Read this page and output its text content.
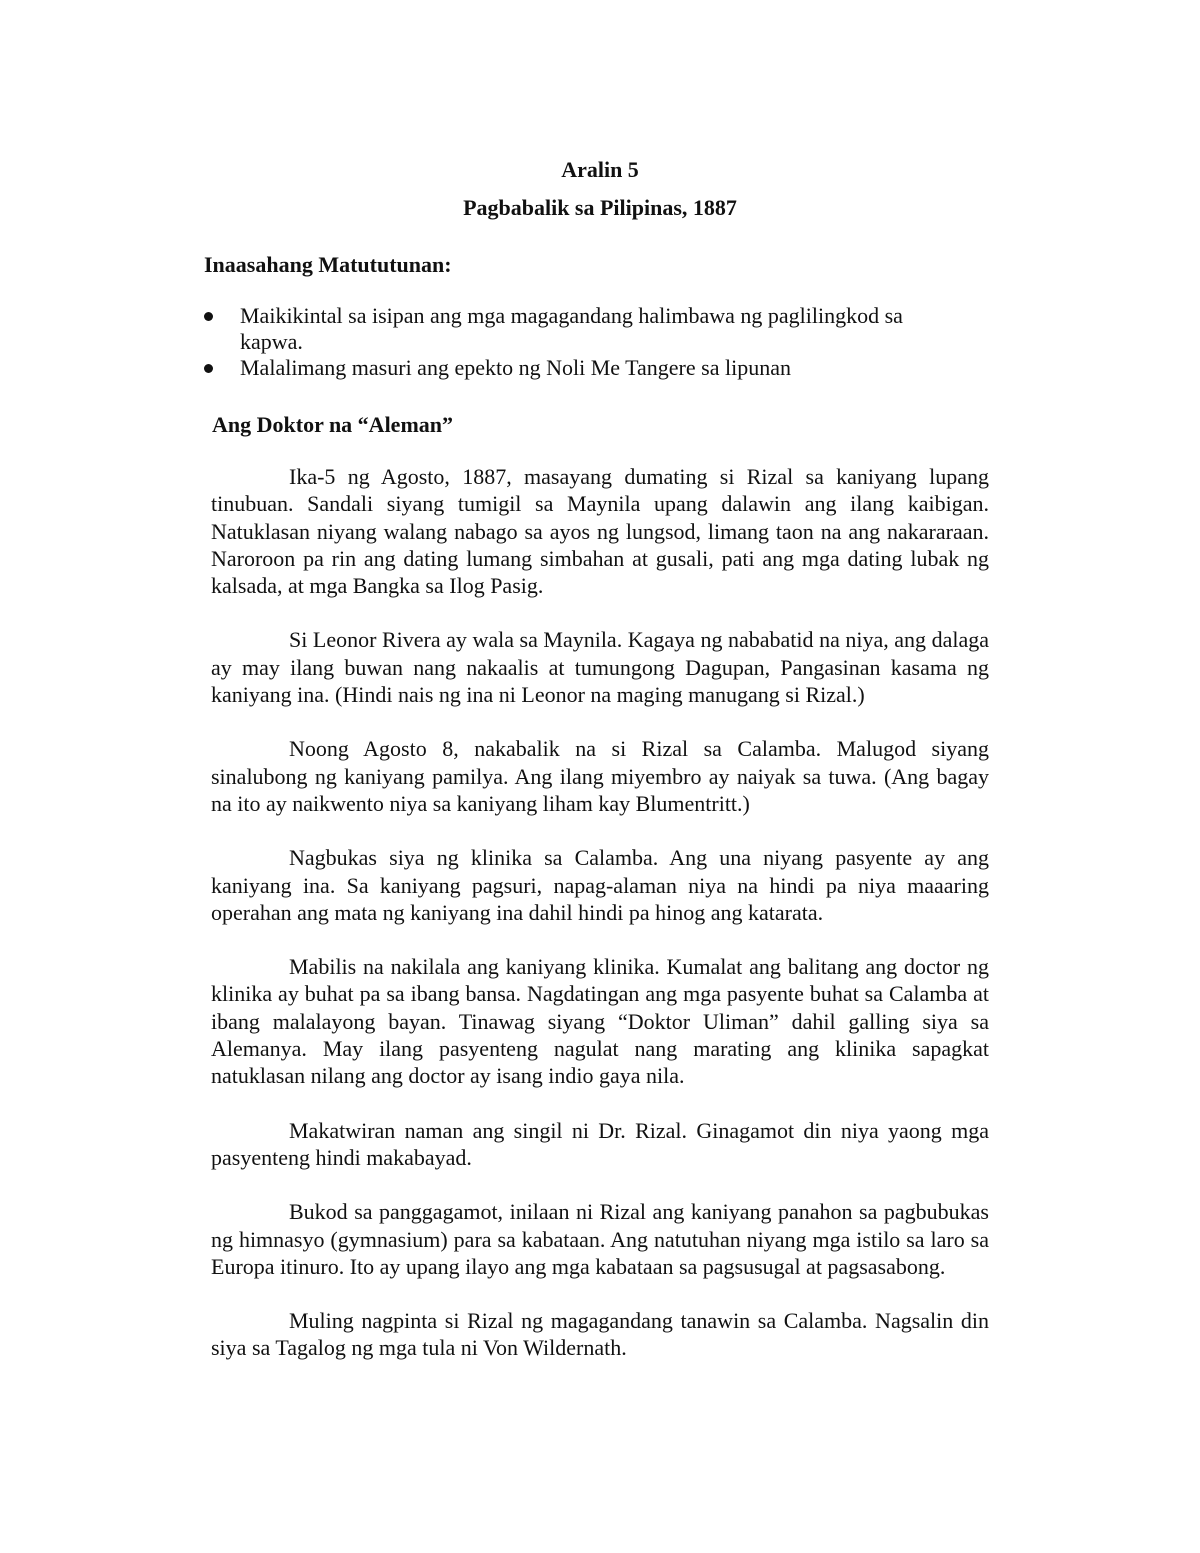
Aralin 5
Pagbabalik sa Pilipinas, 1887
Inaasahang Matututunan:
Maikikintal sa isipan ang mga magagandang halimbawa ng paglilingkod sa kapwa.
Malalimang masuri ang epekto ng Noli Me Tangere sa lipunan
Ang Doktor na “Aleman”

Ika-5 ng Agosto, 1887, masayang dumating si Rizal sa kaniyang lupang tinubuan. Sandali siyang tumigil sa Maynila upang dalawin ang ilang kaibigan. Natuklasan niyang walang nabago sa ayos ng lungsod, limang taon na ang nakararaan. Naroroon pa rin ang dating lumang simbahan at gusali, pati ang mga dating lubak ng kalsada, at mga Bangka sa Ilog Pasig.

Si Leonor Rivera ay wala sa Maynila. Kagaya ng nababatid na niya, ang dalaga ay may ilang buwan nang nakaalis at tumungong Dagupan, Pangasinan kasama ng kaniyang ina. (Hindi nais ng ina ni Leonor na maging manugang si Rizal.)

Noong Agosto 8, nakabalik na si Rizal sa Calamba. Malugod siyang sinalubong ng kaniyang pamilya. Ang ilang miyembro ay naiyak sa tuwa. (Ang bagay na ito ay naikwento niya sa kaniyang liham kay Blumentritt.)

Nagbukas siya ng klinika sa Calamba. Ang una niyang pasyente ay ang kaniyang ina. Sa kaniyang pagsuri, napag-alaman niya na hindi pa niya maaaring operahan ang mata ng kaniyang ina dahil hindi pa hinog ang katarata.

Mabilis na nakilala ang kaniyang klinika. Kumalat ang balitang ang doctor ng klinika ay buhat pa sa ibang bansa. Nagdatingan ang mga pasyente buhat sa Calamba at ibang malalayong bayan. Tinawag siyang “Doktor Uliman” dahil galling siya sa Alemanya. May ilang pasyenteng nagulat nang marating ang klinika sapagkat natuklasan nilang ang doctor ay isang indio gaya nila.

Makatwiran naman ang singil ni Dr. Rizal. Ginagamot din niya yaong mga pasyenteng hindi makabayad.

Bukod sa panggagamot, inilaan ni Rizal ang kaniyang panahon sa pagbubukas ng himnasyo (gymnasium) para sa kabataan. Ang natutuhan niyang mga istilo sa laro sa Europa itinuro. Ito ay upang ilayo ang mga kabataan sa pagsusugal at pagsasabong.

Muling nagpinta si Rizal ng magagandang tanawin sa Calamba. Nagsalin din siya sa Tagalog ng mga tula ni Von Wildernath.
